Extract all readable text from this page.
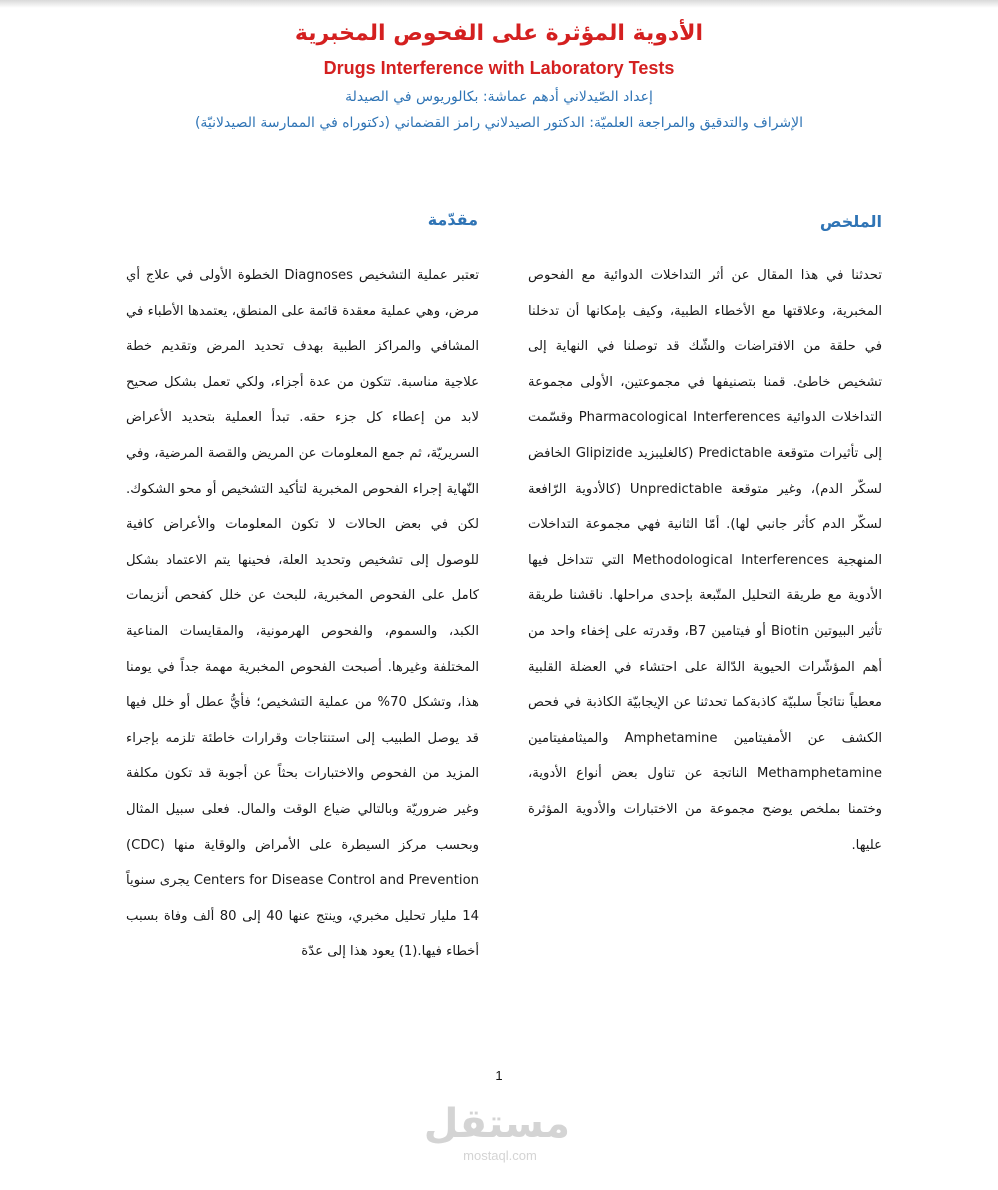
الأدوية المؤثرة على الفحوص المخبرية
Drugs Interference with Laboratory Tests

إعداد الصّيدلاني أدهم عماشة: بكالوريوس في الصيدلة

الإشراف والتدقيق والمراجعة العلميّة: الدكتور الصيدلاني رامز القضماني (دكتوراه في الممارسة الصيدلانيّة)

الملخص
مقدّمة

تحدثنا في هذا المقال عن أثر التداخلات الدوائية مع الفحوص المخبرية، وعلاقتها مع الأخطاء الطبية، وكيف بإمكانها أن تدخلنا في حلقة من الافتراضات والشّك قد توصلنا في النهاية إلى تشخيص خاطئ. قمنا بتصنيفها في مجموعتين، الأولى مجموعة التداخلات الدوائية Pharmacological Interferences وقسّمت إلى تأثيرات متوقعة Predictable (كالغليبزيد Glipizide الخافض لسكّر الدم)، وغير متوقعة Unpredictable (كالأدوية الرّافعة لسكّر الدم كأثر جانبي لها). أمّا الثانية فهي مجموعة التداخلات المنهجية Methodological Interferences التي تتداخل فيها الأدوية مع طريقة التحليل المتّبعة بإحدى مراحلها. ناقشنا طريقة تأثير البيوتين Biotin أو فيتامين B7، وقدرته على إخفاء واحد من أهم المؤشّرات الحيوية الدّالة على احتشاء في العضلة القلبية معطياً نتائجاً سلبيّة كاذبةكما تحدثنا عن الإيجابيّة الكاذبة في فحص الكشف عن الأمفيتامين Amphetamine والميثامفيتامين Methamphetamine الناتجة عن تناول بعض أنواع الأدوية، وختمنا بملخص يوضح مجموعة من الاختبارات والأدوية المؤثرة عليها.

تعتبر عملية التشخيص Diagnoses الخطوة الأولى في علاج أي مرض، وهي عملية معقدة قائمة على المنطق، يعتمدها الأطباء في المشافي والمراكز الطبية بهدف تحديد المرض وتقديم خطة علاجية مناسبة. تتكون من عدة أجزاء، ولكي تعمل بشكل صحيح لابد من إعطاء كل جزء حقه. تبدأ العملية بتحديد الأعراض السريريّة، ثم جمع المعلومات عن المريض والقصة المرضية، وفي النّهاية إجراء الفحوص المخبرية لتأكيد التشخيص أو محو الشكوك. لكن في بعض الحالات لا تكون المعلومات والأعراض كافية للوصول إلى تشخيص وتحديد العلة، فحينها يتم الاعتماد بشكل كامل على الفحوص المخبرية، للبحث عن خلل كفحص أنزيمات الكبد، والسموم، والفحوص الهرمونية، والمقايسات المناعية المختلفة وغيرها. أصبحت الفحوص المخبرية مهمة جداً في يومنا هذا، وتشكل 70% من عملية التشخيص؛ فأيُّ عطل أو خلل فيها قد يوصل الطبيب إلى استنتاجات وقرارات خاطئة تلزمه بإجراء المزيد من الفحوص والاختبارات بحثاً عن أجوبة قد تكون مكلفة وغير ضروريّة وبالتالي ضياع الوقت والمال. فعلى سبيل المثال وبحسب مركز السيطرة على الأمراض والوقاية منها (CDC) Centers for Disease Control and Prevention يجرى سنوياً 14 مليار تحليل مخبري، وينتج عنها 40 إلى 80 ألف وفاة بسبب أخطاء فيها.(1) يعود هذا إلى عدّة

1
مستقل
mostaql.com
